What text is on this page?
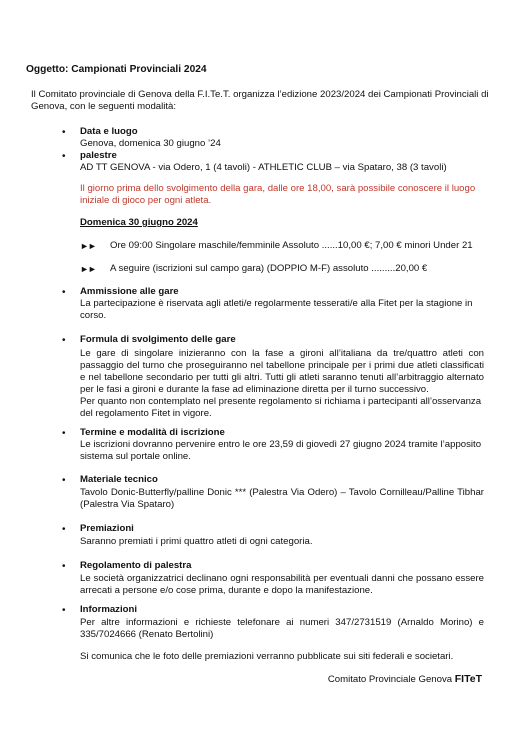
Oggetto: Campionati Provinciali 2024
Il Comitato provinciale di Genova della F.I.Te.T. organizza l’edizione 2023/2024 dei Campionati Provinciali di Genova, con le seguenti modalità:
• Data e luogo
Genova, domenica 30 giugno ’24
• palestre
AD TT GENOVA - via Odero, 1 (4 tavoli) - ATHLETIC CLUB – via Spataro, 38 (3 tavoli)
Il giorno prima dello svolgimento della gara, dalle ore 18,00, sarà possibile conoscere il luogo iniziale di gioco per ogni atleta.
Domenica 30 giugno 2024
►► Ore 09:00 Singolare maschile/femminile Assoluto ......10,00 €; 7,00 € minori Under 21
►► A seguire (iscrizioni sul campo gara) (DOPPIO M-F) assoluto .........20,00 €
• Ammissione alle gare
La partecipazione è riservata agli atleti/e regolarmente tesserati/e alla Fitet per la stagione in corso.
• Formula di svolgimento delle gare
Le gare di singolare inizieranno con la fase a gironi all’italiana da tre/quattro atleti con passaggio del turno che proseguiranno nel tabellone principale per i primi due atleti classificati e nel tabellone secondario per tutti gli altri. Tutti gli atleti saranno tenuti all’arbitraggio alternato per le fasi a gironi e durante la fase ad eliminazione diretta per il turno successivo.
Per quanto non contemplato nel presente regolamento si richiama i partecipanti all’osservanza del regolamento Fitet in vigore.
• Termine e modalità di iscrizione
Le iscrizioni dovranno pervenire entro le ore 23,59 di giovedì 27 giugno 2024 tramite l’apposito sistema sul portale online.
• Materiale tecnico
Tavolo Donic-Butterfly/palline Donic *** (Palestra Via Odero) – Tavolo Cornilleau/Palline Tibhar (Palestra Via Spataro)
• Premiazioni
Saranno premiati i primi quattro atleti di ogni categoria.
• Regolamento di palestra
Le società organizzatrici declinano ogni responsabilità per eventuali danni che possano essere arrecati a persone e/o cose prima, durante e dopo la manifestazione.
• Informazioni
Per altre informazioni e richieste telefonare ai numeri 347/2731519 (Arnaldo Morino) e 335/7024666 (Renato Bertolini)
Si comunica che le foto delle premiazioni verranno pubblicate sui siti federali e societari.
Comitato Provinciale Genova FITeT
